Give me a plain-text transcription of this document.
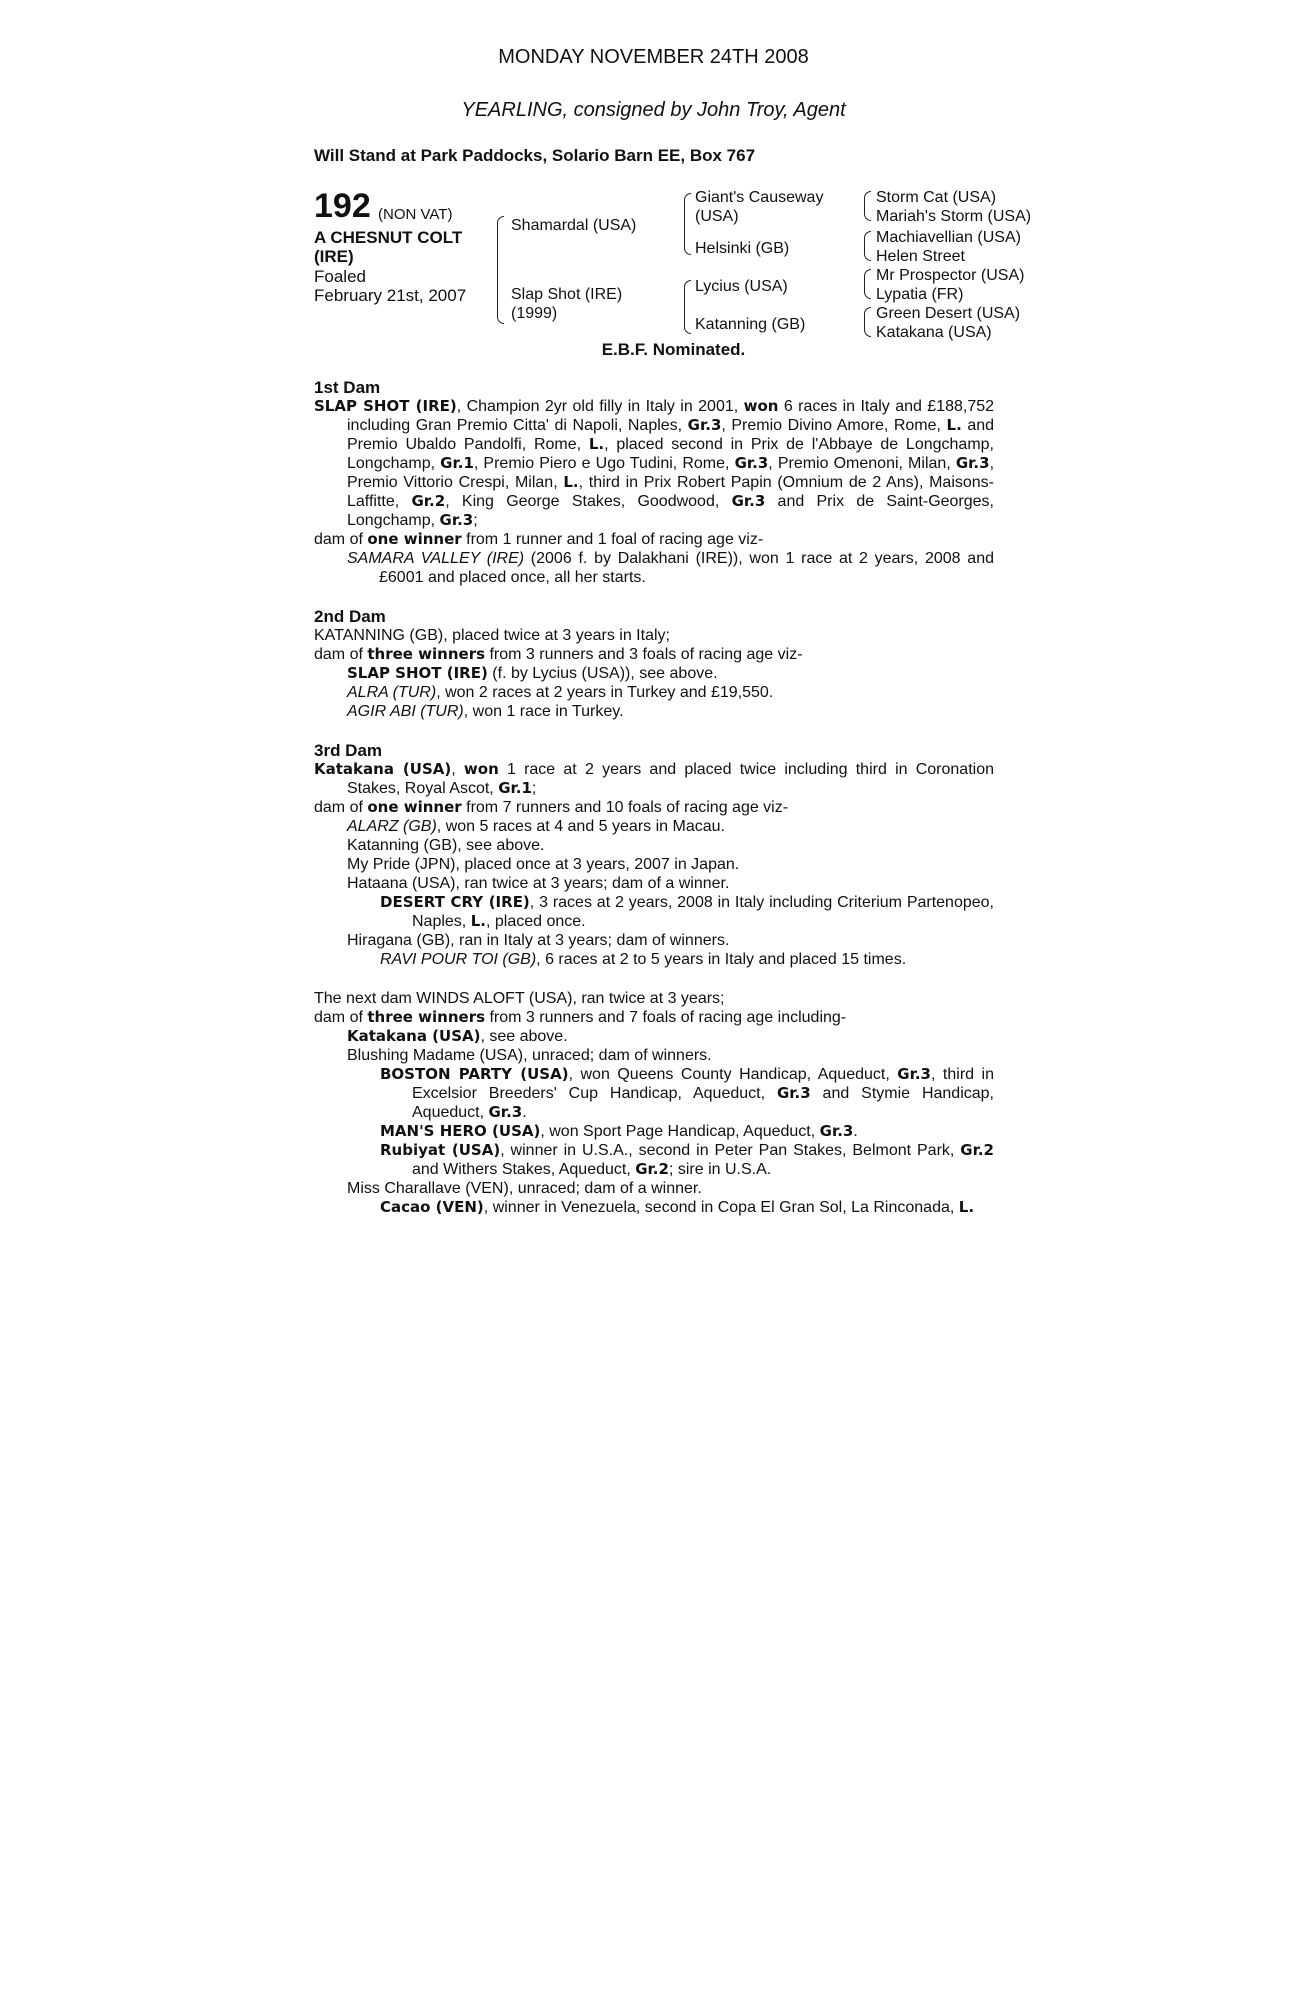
MONDAY NOVEMBER 24TH 2008
YEARLING, consigned by John Troy, Agent
Will Stand at Park Paddocks, Solario Barn EE, Box 767
192 (NON VAT)
A CHESNUT COLT (IRE)
Foaled
February 21st, 2007
Shamardal (USA)
Slap Shot (IRE) (1999)
Giant's Causeway (USA)
Helsinki (GB)
Lycius (USA)
Katanning (GB)
Storm Cat (USA)
Mariah's Storm (USA)
Machiavellian (USA)
Helen Street
Mr Prospector (USA)
Lypatia (FR)
Green Desert (USA)
Katakana (USA)
E.B.F. Nominated.

1st Dam

SLAP SHOT (IRE), Champion 2yr old filly in Italy in 2001, won 6 races in Italy and £188,752 including Gran Premio Citta' di Napoli, Naples, Gr.3, Premio Divino Amore, Rome, L. and Premio Ubaldo Pandolfi, Rome, L., placed second in Prix de l'Abbaye de Longchamp, Longchamp, Gr.1, Premio Piero e Ugo Tudini, Rome, Gr.3, Premio Omenoni, Milan, Gr.3, Premio Vittorio Crespi, Milan, L., third in Prix Robert Papin (Omnium de 2 Ans), Maisons-Laffitte, Gr.2, King George Stakes, Goodwood, Gr.3 and Prix de Saint-Georges, Longchamp, Gr.3;

dam of one winner from 1 runner and 1 foal of racing age viz-

SAMARA VALLEY (IRE) (2006 f. by Dalakhani (IRE)), won 1 race at 2 years, 2008 and £6001 and placed once, all her starts.

2nd Dam

KATANNING (GB), placed twice at 3 years in Italy;

dam of three winners from 3 runners and 3 foals of racing age viz-

SLAP SHOT (IRE) (f. by Lycius (USA)), see above.

ALRA (TUR), won 2 races at 2 years in Turkey and £19,550.

AGIR ABI (TUR), won 1 race in Turkey.

3rd Dam

Katakana (USA), won 1 race at 2 years and placed twice including third in Coronation Stakes, Royal Ascot, Gr.1;

dam of one winner from 7 runners and 10 foals of racing age viz-

ALARZ (GB), won 5 races at 4 and 5 years in Macau.

Katanning (GB), see above.

My Pride (JPN), placed once at 3 years, 2007 in Japan.

Hataana (USA), ran twice at 3 years; dam of a winner.

DESERT CRY (IRE), 3 races at 2 years, 2008 in Italy including Criterium Partenopeo, Naples, L., placed once.

Hiragana (GB), ran in Italy at 3 years; dam of winners.

RAVI POUR TOI (GB), 6 races at 2 to 5 years in Italy and placed 15 times.

The next dam WINDS ALOFT (USA), ran twice at 3 years;

dam of three winners from 3 runners and 7 foals of racing age including-

Katakana (USA), see above.

Blushing Madame (USA), unraced; dam of winners.

BOSTON PARTY (USA), won Queens County Handicap, Aqueduct, Gr.3, third in Excelsior Breeders' Cup Handicap, Aqueduct, Gr.3 and Stymie Handicap, Aqueduct, Gr.3.

MAN'S HERO (USA), won Sport Page Handicap, Aqueduct, Gr.3.

Rubiyat (USA), winner in U.S.A., second in Peter Pan Stakes, Belmont Park, Gr.2 and Withers Stakes, Aqueduct, Gr.2; sire in U.S.A.

Miss Charallave (VEN), unraced; dam of a winner.

Cacao (VEN), winner in Venezuela, second in Copa El Gran Sol, La Rinconada, L.
